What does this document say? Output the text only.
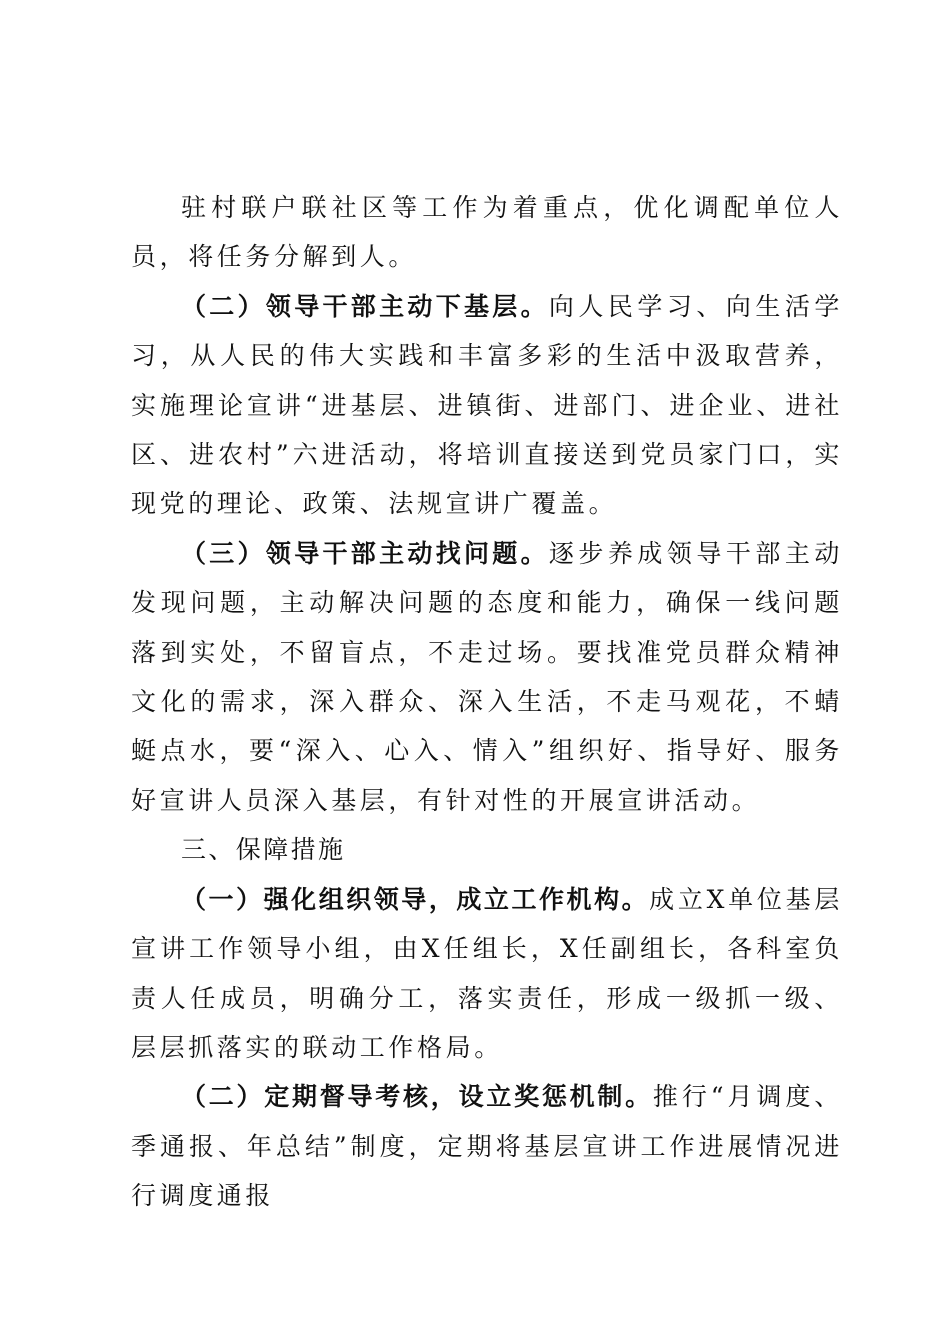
驻村联户联社区等工作为着重点，优化调配单位人员，将任务分解到人。

（二）领导干部主动下基层。向人民学习、向生活学习，从人民的伟大实践和丰富多彩的生活中汲取营养，实施理论宣讲“进基层、进镇街、进部门、进企业、进社区、进农村”六进活动，将培训直接送到党员家门口，实现党的理论、政策、法规宣讲广覆盖。

（三）领导干部主动找问题。逐步养成领导干部主动发现问题，主动解决问题的态度和能力，确保一线问题落到实处，不留盲点，不走过场。要找准党员群众精神文化的需求，深入群众、深入生活，不走马观花，不蜻蜓点水，要“深入、心入、情入”组织好、指导好、服务好宣讲人员深入基层，有针对性的开展宣讲活动。

三、保障措施

（一）强化组织领导，成立工作机构。成立X单位基层宣讲工作领导小组，由X任组长，X任副组长，各科室负责人任成员，明确分工，落实责任，形成一级抓一级、层层抓落实的联动工作格局。

（二）定期督导考核，设立奖惩机制。推行“月调度、季通报、年总结”制度，定期将基层宣讲工作进展情况进行调度通报
